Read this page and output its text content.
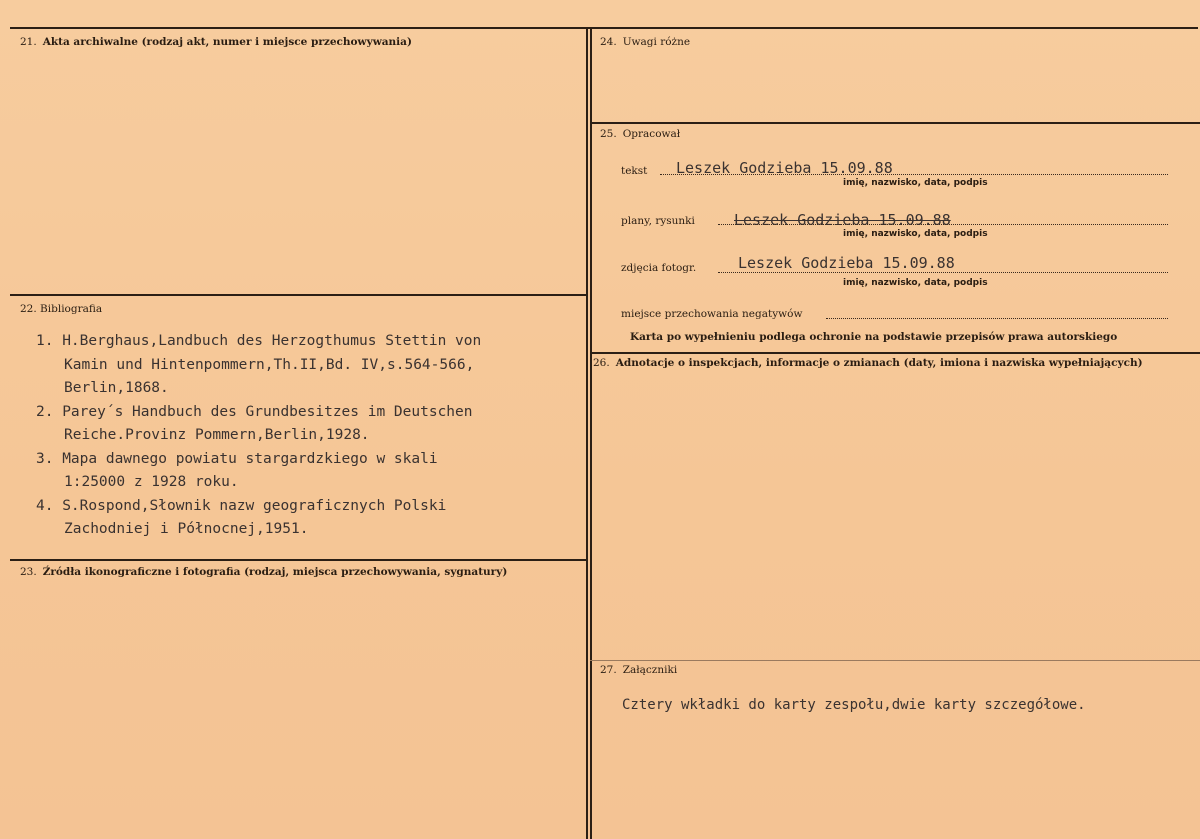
21. Akta archiwalne (rodzaj akt, numer i miejsce przechowywania)
22. Bibliografia
1. H.Berghaus,Landbuch des Herzogthumus Stettin von
Kamin und Hintenpommern,Th.II,Bd. IV,s.564-566,
Berlin,1868.
2. Parey´s Handbuch des Grundbesitzes im Deutschen
Reiche.Provinz Pommern,Berlin,1928.
3. Mapa dawnego powiatu stargardzkiego w skali
1:25000 z 1928 roku.
4. S.Rospond,Słownik nazw geograficznych Polski
Zachodniej i Północnej,1951.
23. Źródła ikonograficzne i fotografia (rodzaj, miejsca przechowywania, sygnatury)
24. Uwagi różne
25. Opracował
tekst Leszek Godzieba 15.09.88
imię, nazwisko, data, podpis
plany, rysunki	Leszek Godzieba 15.09.88
imię, nazwisko, data, podpis
zdjęcia fotogr.	Leszek Godzieba 15.09.88
imię, nazwisko, data, podpis
miejsce przechowania negatywów
Karta po wypełnieniu podlega ochronie na podstawie przepisów prawa autorskiego
26. Adnotacje o inspekcjach, informacje o zmianach (daty, imiona i nazwiska wypełniających)
27. Załączniki
Cztery wkładki do karty zespołu,dwie karty szczegółowe.
